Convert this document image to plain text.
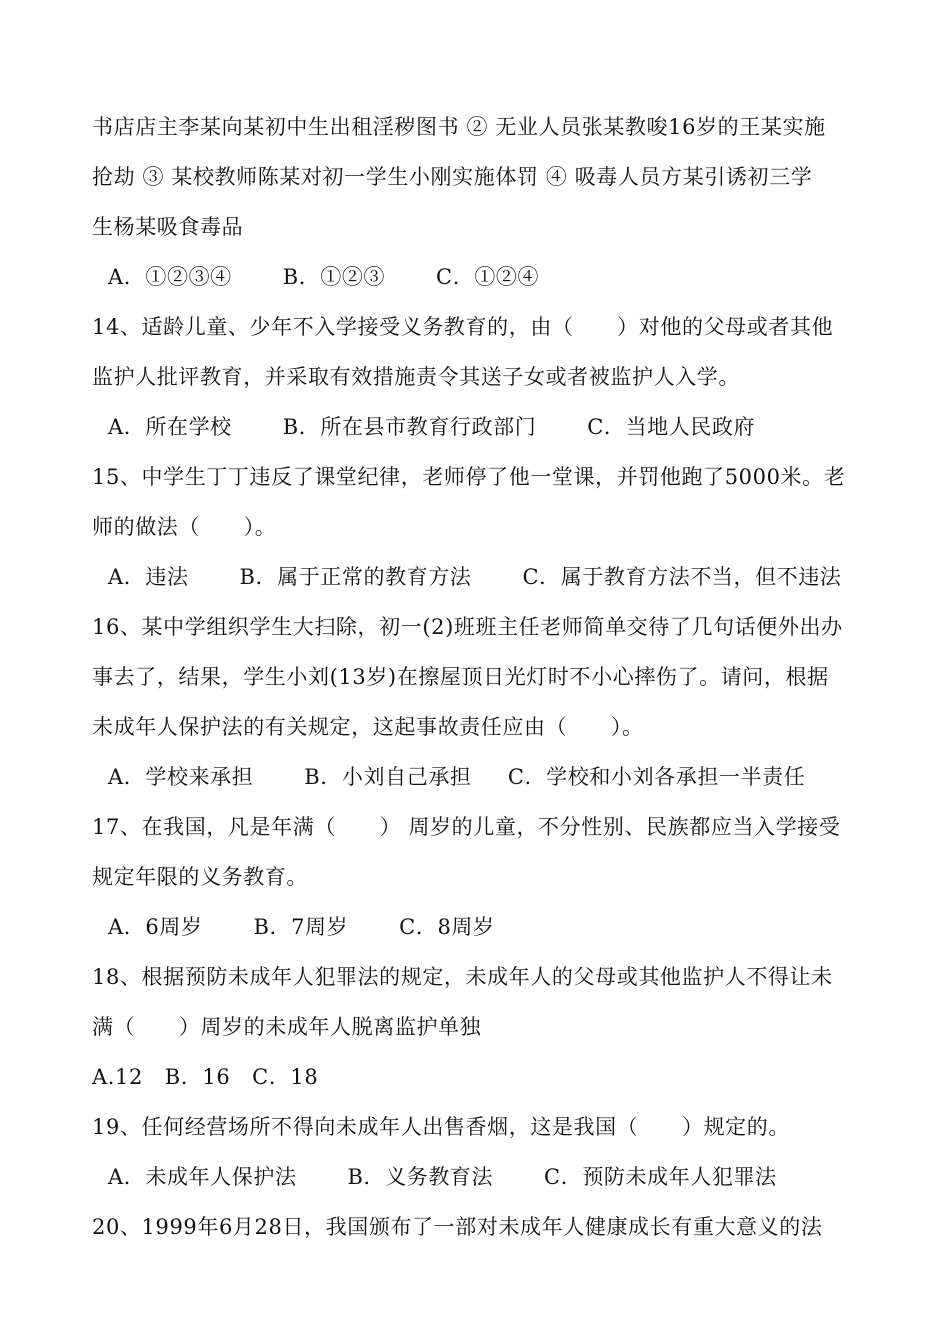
书店店主李某向某初中生出租淫秽图书 ② 无业人员张某教唆16岁的王某实施
抢劫 ③ 某校教师陈某对初一学生小刚实施体罚 ④ 吸毒人员方某引诱初三学
生杨某吸食毒品
A．①②③④       B．①②③       C．①②④
14、适龄儿童、少年不入学接受义务教育的，由（      ）对他的父母或者其他
监护人批评教育，并采取有效措施责令其送子女或者被监护人入学。
A．所在学校       B．所在县市教育行政部门       C．当地人民政府
15、中学生丁丁违反了课堂纪律，老师停了他一堂课，并罚他跑了5000米。老
师的做法（      ）。
A．违法       B．属于正常的教育方法       C．属于教育方法不当，但不违法
16、某中学组织学生大扫除，初一(2)班班主任老师简单交待了几句话便外出办
事去了，结果，学生小刘(13岁)在擦屋顶日光灯时不小心摔伤了。请问，根据
未成年人保护法的有关规定，这起事故责任应由（      ）。
A．学校来承担       B．小刘自己承担     C．学校和小刘各承担一半责任
17、在我国，凡是年满（      ） 周岁的儿童，不分性别、民族都应当入学接受
规定年限的义务教育。
A．6周岁       B．7周岁       C．8周岁
18、根据预防未成年人犯罪法的规定，未成年人的父母或其他监护人不得让未
满（      ）周岁的未成年人脱离监护单独
A.12   B．16   C．18
19、任何经营场所不得向未成年人出售香烟，这是我国（      ）规定的。
A．未成年人保护法       B．义务教育法       C．预防未成年人犯罪法
20、1999年6月28日，我国颁布了一部对未成年人健康成长有重大意义的法
